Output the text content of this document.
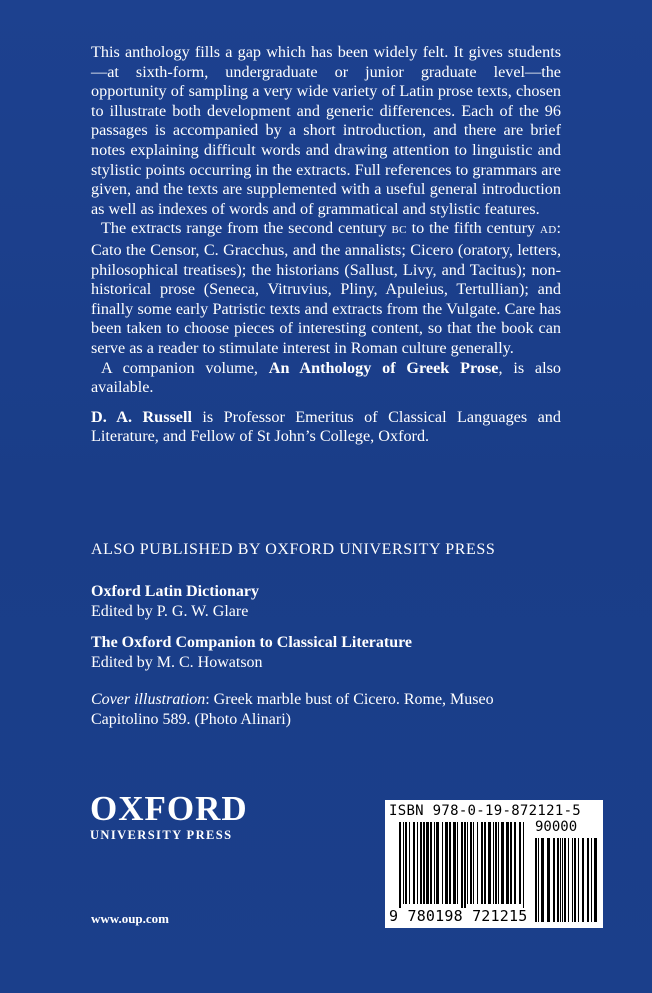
This anthology fills a gap which has been widely felt. It gives students—at sixth-form, undergraduate or junior graduate level—the opportunity of sampling a very wide variety of Latin prose texts, chosen to illustrate both development and generic differences. Each of the 96 passages is accompanied by a short introduction, and there are brief notes explaining difficult words and drawing attention to linguistic and stylistic points occurring in the extracts. Full references to grammars are given, and the texts are supplemented with a useful general introduction as well as indexes of words and of grammatical and stylistic features.

The extracts range from the second century BC to the fifth century AD: Cato the Censor, C. Gracchus, and the annalists; Cicero (oratory, letters, philosophical treatises); the historians (Sallust, Livy, and Tacitus); non-historical prose (Seneca, Vitruvius, Pliny, Apuleius, Tertullian); and finally some early Patristic texts and extracts from the Vulgate. Care has been taken to choose pieces of interesting content, so that the book can serve as a reader to stimulate interest in Roman culture generally.

A companion volume, An Anthology of Greek Prose, is also available.

D. A. Russell is Professor Emeritus of Classical Languages and Literature, and Fellow of St John’s College, Oxford.

ALSO PUBLISHED BY OXFORD UNIVERSITY PRESS
Oxford Latin Dictionary
Edited by P. G. W. Glare
The Oxford Companion to Classical Literature
Edited by M. C. Howatson
Cover illustration: Greek marble bust of Cicero. Rome, Museo Capitolino 589. (Photo Alinari)
OXFORD
UNIVERSITY PRESS
www.oup.com
ISBN 978-0-19-872121-5
90000
9 780198 721215
